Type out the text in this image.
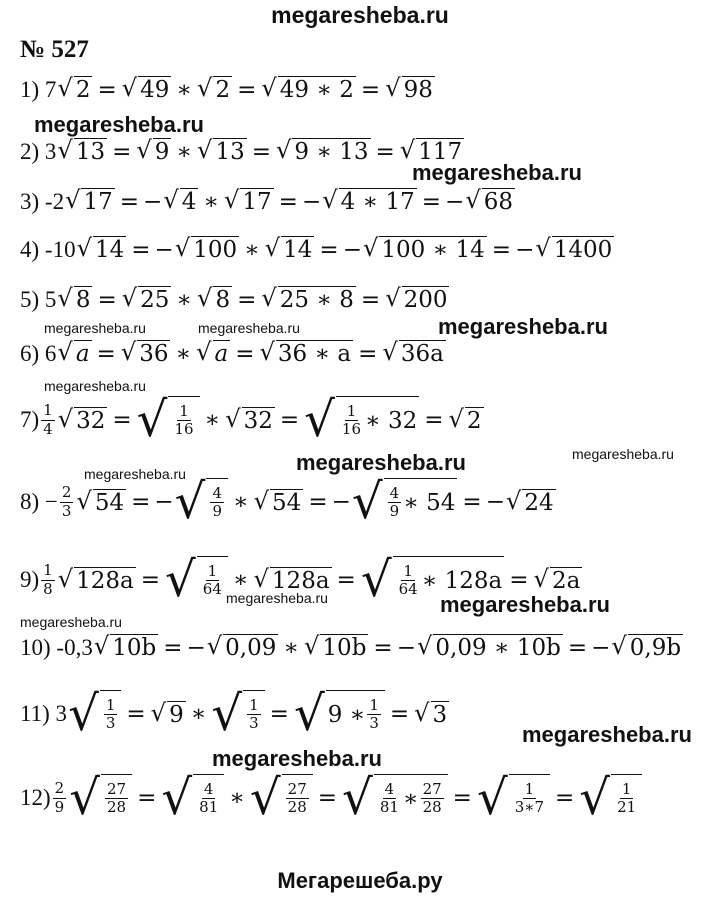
megaresheba.ru
№ 527
megaresheba.ru
megaresheba.ru
megaresheba.ru	megaresheba.ru	megaresheba.ru
megaresheba.ru
megaresheba.ru
megaresheba.ru	megaresheba.ru
megaresheba.ru	megaresheba.ru
megaresheba.ru
megaresheba.ru
megaresheba.ru
1) 7 √ 2 = √ 49 ∗ √ 2 = √ 49 ∗ 2 = √ 98
2) 3 √ 13 = √ 9 ∗ √ 13 = √ 9 ∗ 13 = √ 117
3) -2 √ 17 = − √ 4 ∗ √ 17 = − √ 4 ∗ 17 = − √ 68
4) -10 √ 14 = − √ 100 ∗ √ 14 = − √ 100 ∗ 14 = − √ 1400
5) 5 √ 8 = √ 25 ∗ √ 8 = √ 25 ∗ 8 = √ 200
6) 6 √ a = √ 36 ∗ √ a = √ 36 ∗ a = √ 36a
$7) \frac{1}{4}$ √ 32 = √ $\frac{1}{16}$ ∗ √ 32 = √ $\frac{1}{16}$ ∗ 32 = √ 2
$8) - \frac{2}{3}$ √ 54 = − √ $\frac{4}{9}$ ∗ √ 54 = − √ $\frac{4}{9}$ ∗ 54 = − √ 24
$9) \frac{1}{8}$ √ 128a = √ $\frac{1}{64}$ ∗ √ 128a = √ $\frac{1}{64}$ ∗ 128a = √ 2a
10) -0,3 √ 10b = − √ 0,09 ∗ √ 10b = − √ 0,09 ∗ 10b = − √ 0,9b
11) 3 √ $\frac{1}{3}$ = √ 9 ∗ √ $\frac{1}{3}$ = √ 9 ∗ $\frac{1}{3}$ = √ 3
$12) \frac{2}{9}$ √ $\frac{27}{28}$ = √ $\frac{4}{81}$ ∗ √ $\frac{27}{28}$ = √ $\frac{4}{81}$ ∗ $\frac{27}{28}$ = √ $\frac{1}{3∗7}$ = √ $\frac{1}{21}$
Мегарешеба.ру
